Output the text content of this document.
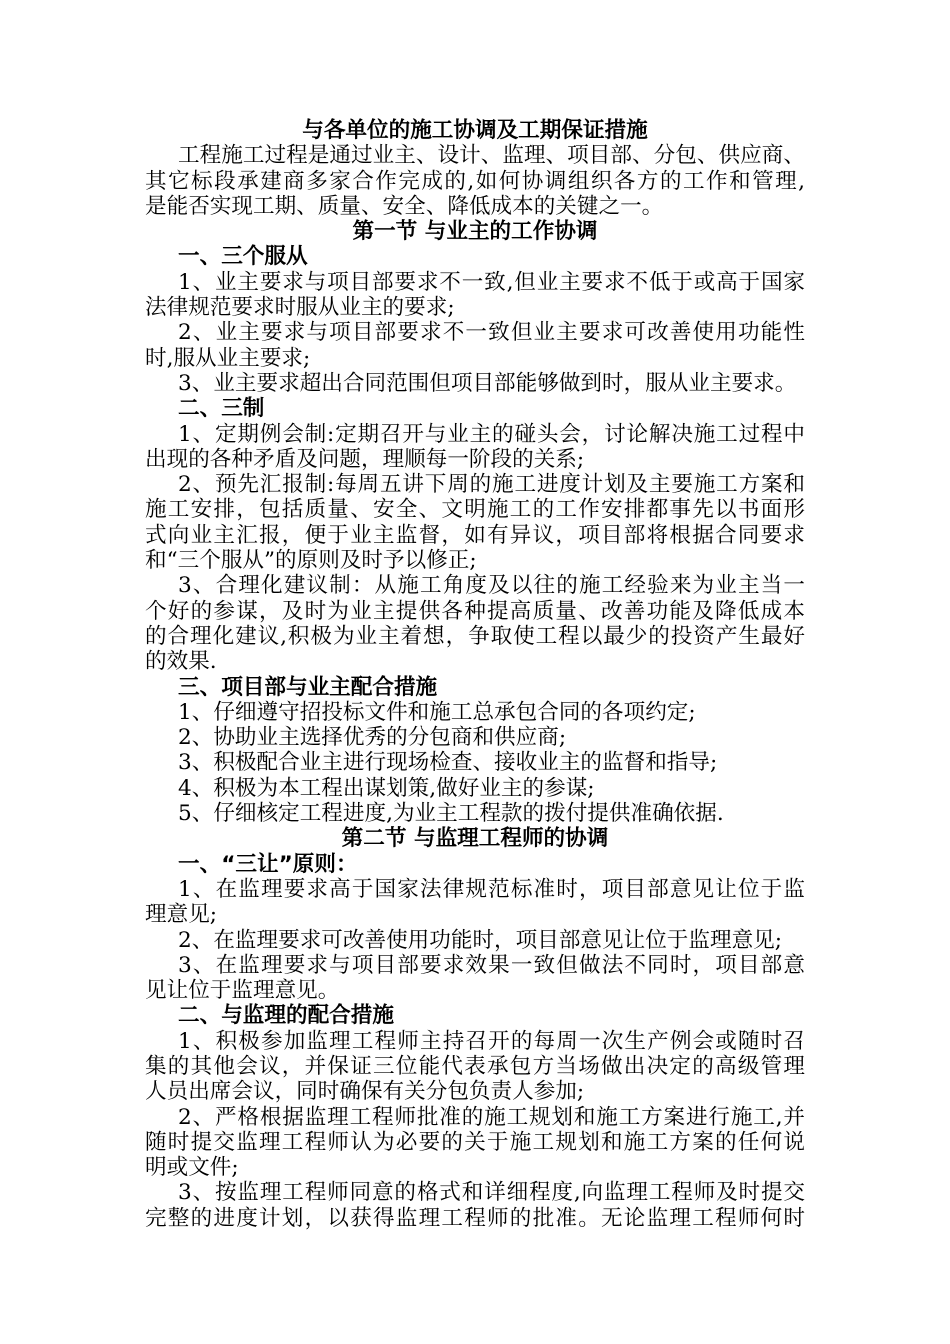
与各单位的施工协调及工期保证措施
工程施工过程是通过业主、设计、监理、项目部、分包、供应商、
其它标段承建商多家合作完成的,如何协调组织各方的工作和管理,
是能否实现工期、质量、安全、降低成本的关键之一。
第一节 与业主的工作协调
一、三个服从
1、业主要求与项目部要求不一致,但业主要求不低于或高于国家
法律规范要求时服从业主的要求;
2、业主要求与项目部要求不一致但业主要求可改善使用功能性
时,服从业主要求;
3、业主要求超出合同范围但项目部能够做到时，服从业主要求。
二、三制
1、定期例会制:定期召开与业主的碰头会，讨论解决施工过程中
出现的各种矛盾及问题，理顺每一阶段的关系;
2、预先汇报制:每周五讲下周的施工进度计划及主要施工方案和
施工安排，包括质量、安全、文明施工的工作安排都事先以书面形
式向业主汇报，便于业主监督，如有异议，项目部将根据合同要求
和“三个服从”的原则及时予以修正;
3、合理化建议制：从施工角度及以往的施工经验来为业主当一
个好的参谋，及时为业主提供各种提高质量、改善功能及降低成本
的合理化建议,积极为业主着想，争取使工程以最少的投资产生最好
的效果.
三、项目部与业主配合措施
1、仔细遵守招投标文件和施工总承包合同的各项约定;
2、协助业主选择优秀的分包商和供应商;
3、积极配合业主进行现场检查、接收业主的监督和指导;
4、积极为本工程出谋划策,做好业主的参谋;
5、仔细核定工程进度,为业主工程款的拨付提供准确依据.
第二节 与监理工程师的协调
一、“三让”原则：
1、在监理要求高于国家法律规范标准时，项目部意见让位于监
理意见;
2、在监理要求可改善使用功能时，项目部意见让位于监理意见;
3、在监理要求与项目部要求效果一致但做法不同时，项目部意
见让位于监理意见。
二、与监理的配合措施
1、积极参加监理工程师主持召开的每周一次生产例会或随时召
集的其他会议，并保证三位能代表承包方当场做出决定的高级管理
人员出席会议，同时确保有关分包负责人参加;
2、严格根据监理工程师批准的施工规划和施工方案进行施工,并
随时提交监理工程师认为必要的关于施工规划和施工方案的任何说
明或文件;
3、按监理工程师同意的格式和详细程度,向监理工程师及时提交
完整的进度计划，以获得监理工程师的批准。无论监理工程师何时
